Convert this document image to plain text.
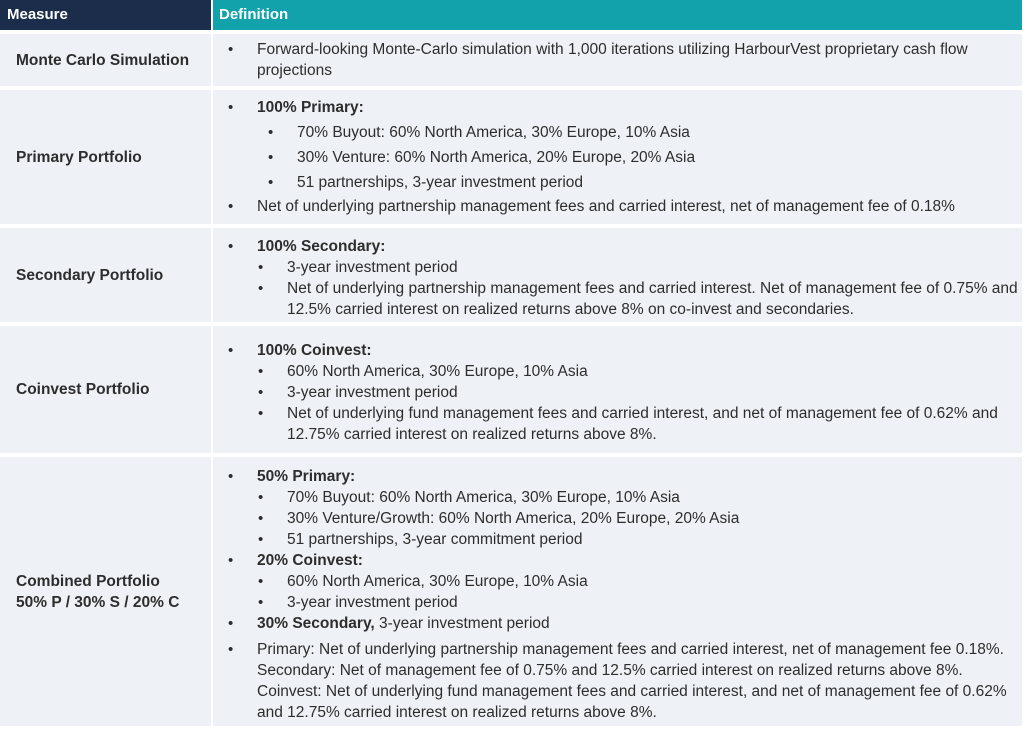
Measure	Definition
Monte Carlo Simulation
• Forward-looking Monte-Carlo simulation with 1,000 iterations utilizing HarbourVest proprietary cash flow
projections
Primary Portfolio
• 100% Primary:
• 70% Buyout: 60% North America, 30% Europe, 10% Asia
• 30% Venture: 60% North America, 20% Europe, 20% Asia
• 51 partnerships, 3-year investment period
• Net of underlying partnership management fees and carried interest, net of management fee of 0.18%
Secondary Portfolio
• 100% Secondary:
• 3-year investment period
• Net of underlying partnership management fees and carried interest. Net of management fee of 0.75% and
12.5% carried interest on realized returns above 8% on co-invest and secondaries.
Coinvest Portfolio
• 100% Coinvest:
• 60% North America, 30% Europe, 10% Asia
• 3-year investment period
• Net of underlying fund management fees and carried interest, and net of management fee of 0.62% and
12.75% carried interest on realized returns above 8%.
Combined Portfolio
50% P / 30% S / 20% C
• 50% Primary:
• 70% Buyout: 60% North America, 30% Europe, 10% Asia
• 30% Venture/Growth: 60% North America, 20% Europe, 20% Asia
• 51 partnerships, 3-year commitment period
• 20% Coinvest:
• 60% North America, 30% Europe, 10% Asia
• 3-year investment period
• 30% Secondary, 3-year investment period
• Primary: Net of underlying partnership management fees and carried interest, net of management fee 0.18%.
Secondary: Net of management fee of 0.75% and 12.5% carried interest on realized returns above 8%.
Coinvest: Net of underlying fund management fees and carried interest, and net of management fee of 0.62%
and 12.75% carried interest on realized returns above 8%.
